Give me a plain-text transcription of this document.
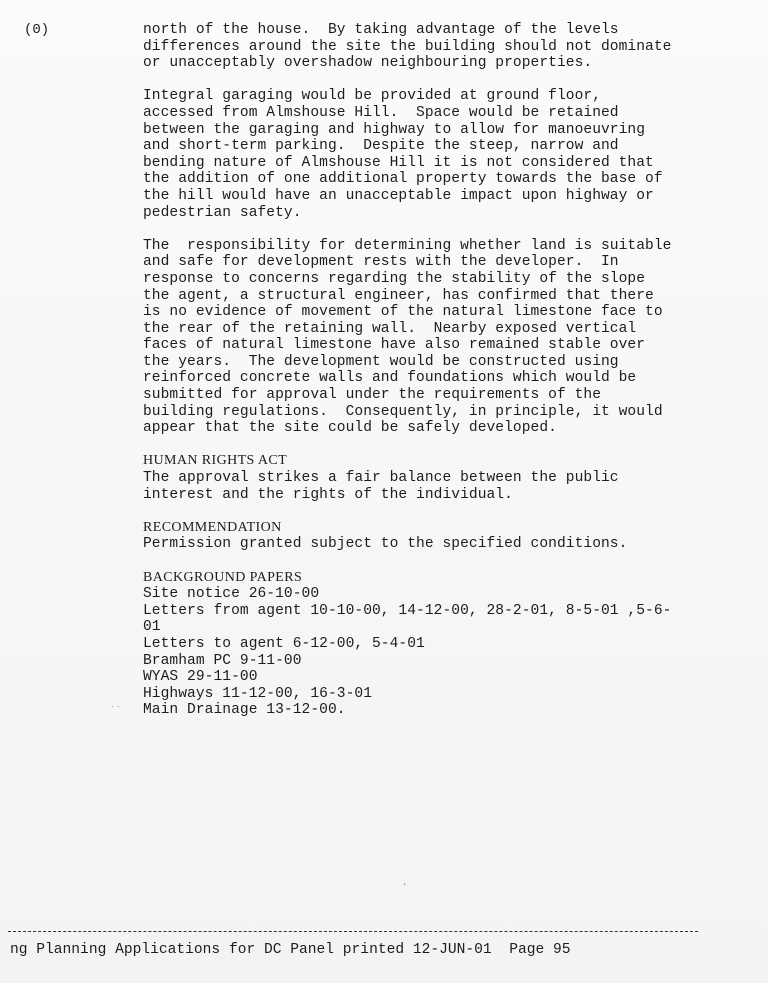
(0)	north of the house.  By taking advantage of the levels
differences around the site the building should not dominate
or unacceptably overshadow neighbouring properties.
Integral garaging would be provided at ground floor,
accessed from Almshouse Hill.  Space would be retained
between the garaging and highway to allow for manoeuvring
and short-term parking.  Despite the steep, narrow and
bending nature of Almshouse Hill it is not considered that
the addition of one additional property towards the base of
the hill would have an unacceptable impact upon highway or
pedestrian safety.
The  responsibility for determining whether land is suitable
and safe for development rests with the developer.  In
response to concerns regarding the stability of the slope
the agent, a structural engineer, has confirmed that there
is no evidence of movement of the natural limestone face to
the rear of the retaining wall.  Nearby exposed vertical
faces of natural limestone have also remained stable over
the years.  The development would be constructed using
reinforced concrete walls and foundations which would be
submitted for approval under the requirements of the
building regulations.  Consequently, in principle, it would
appear that the site could be safely developed.
HUMAN RIGHTS ACT
The approval strikes a fair balance between the public
interest and the rights of the individual.
RECOMMENDATION
Permission granted subject to the specified conditions.
BACKGROUND PAPERS
Site notice 26-10-00
Letters from agent 10-10-00, 14-12-00, 28-2-01, 8-5-01 ,5-6-
01
Letters to agent 6-12-00, 5-4-01
Bramham PC 9-11-00
WYAS 29-11-00
Highways 11-12-00, 16-3-01
Main Drainage 13-12-00.
˙˙
·
ng Planning Applications for DC Panel printed 12-JUN-01  Page 95
